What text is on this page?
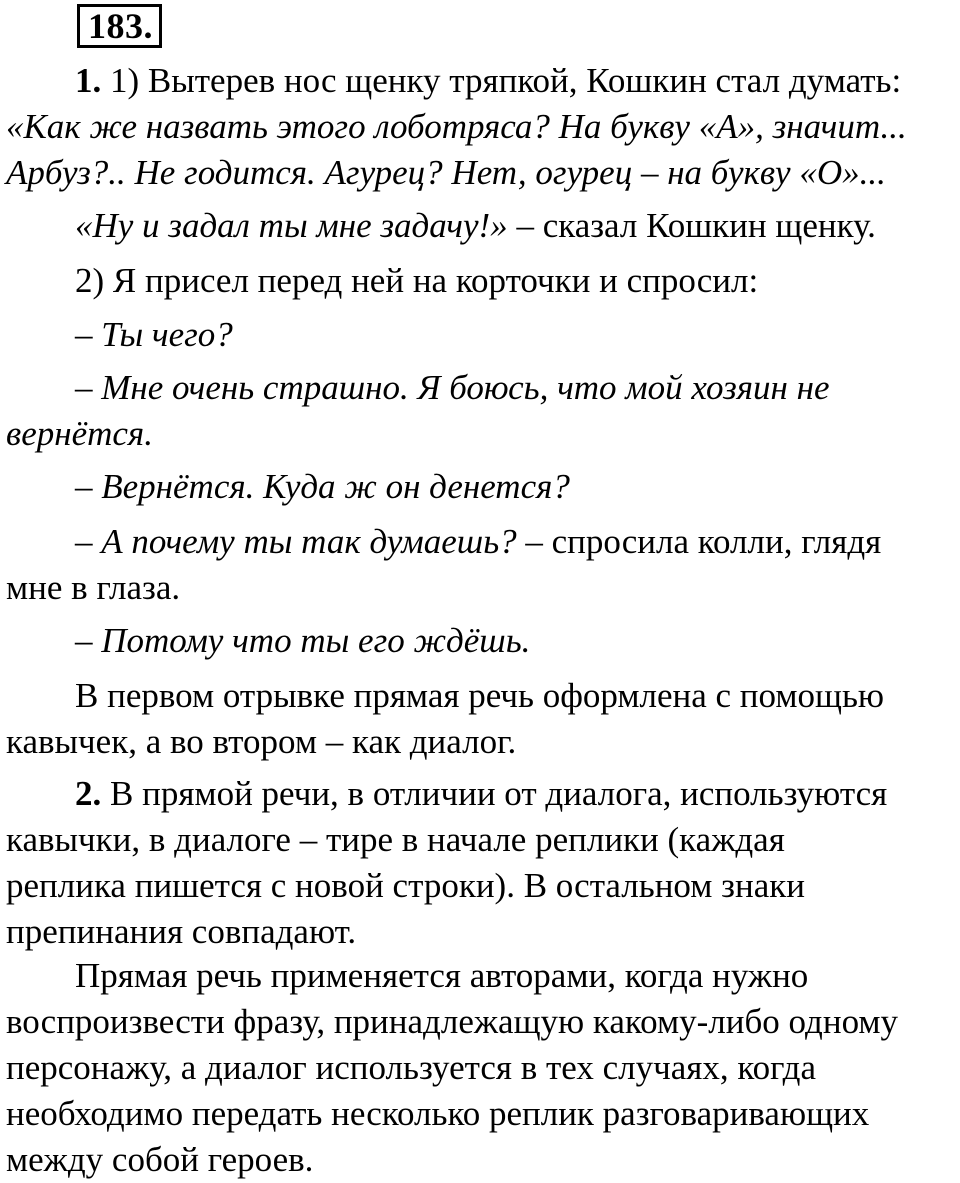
183.

1. 1) Вытерев нос щенку тряпкой, Кошкин стал думать:
«Как же назвать этого лоботряса? На букву «А», значит...
Арбуз?.. Не годится. Агурец? Нет, огурец – на букву «О»...

«Ну и задал ты мне задачу!» – сказал Кошкин щенку.

2) Я присел перед ней на корточки и спросил:

– Ты чего?

– Мне очень страшно. Я боюсь, что мой хозяин не
вернётся.

– Вернётся. Куда ж он денется?

– А почему ты так думаешь? – спросила колли, глядя
мне в глаза.

– Потому что ты его ждёшь.

В первом отрывке прямая речь оформлена с помощью
кавычек, а во втором – как диалог.

2. В прямой речи, в отличии от диалога, используются
кавычки, в диалоге – тире в начале реплики (каждая
реплика пишется с новой строки). В остальном знаки
препинания совпадают.

Прямая речь применяется авторами, когда нужно
воспроизвести фразу, принадлежащую какому-либо одному
персонажу, а диалог используется в тех случаях, когда
необходимо передать несколько реплик разговаривающих
между собой героев.
